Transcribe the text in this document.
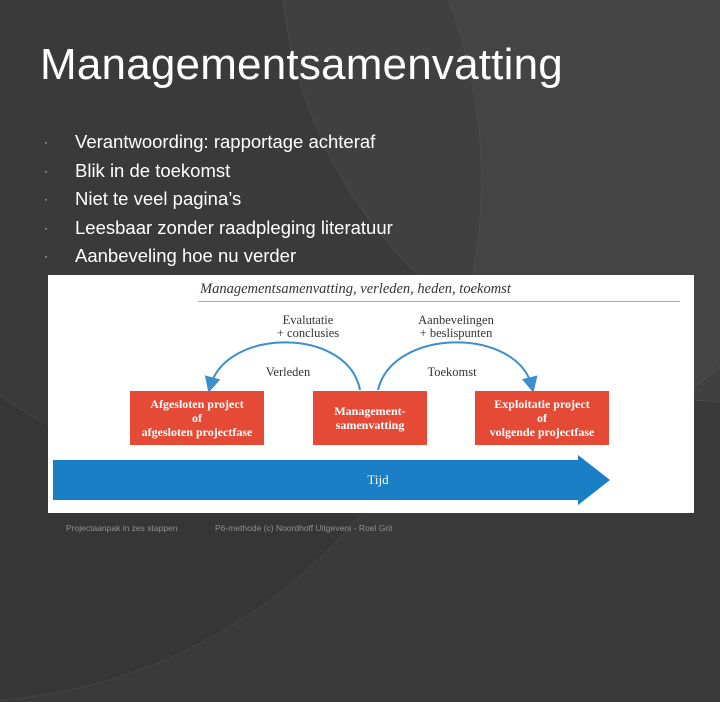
Managementsamenvatting
·	Verantwoording: rapportage achteraf
·	Blik in de toekomst
·	Niet te veel pagina’s
·	Leesbaar zonder raadpleging literatuur
·	Aanbeveling hoe nu verder
Managementsamenvatting, verleden, heden, toekomst
Evalutatie
+ conclusies
Aanbevelingen
+ beslispunten
Verleden	Toekomst
Afgesloten project
of
afgesloten projectfase
Management-
samenvatting
Exploitatie project
of
volgende projectfase
Tijd
Projectaanpak in zes stappen	P6-methode (c) Noordhoff Uitgevers - Roel Grit
